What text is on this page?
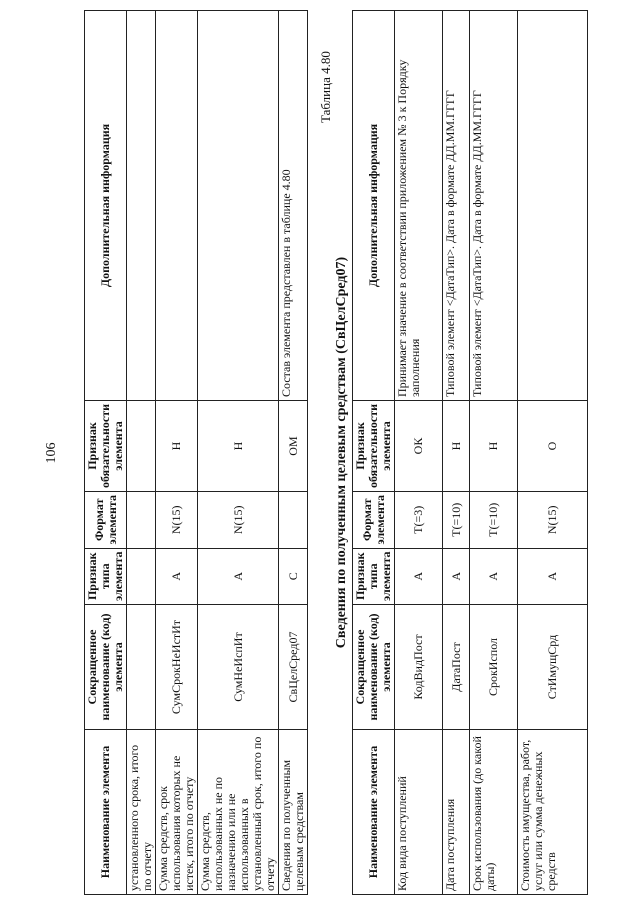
106
Наименование элемента	Сокращенное наименование (код) элемента	Признак типа элемента	Формат элемента	Признак обязательности элемента	Дополнительная информация
установленного срока, итого по отчету					
Сумма средств, срок использования которых не истек, итого по отчету	СумСрокНеИстИт	А	N(15)	Н	
Сумма средств, использованных не по назначению или не использованных в установленный срок, итого по отчету	СумНеИспИт	А	N(15)	Н	
Сведения по полученным целевым средствам	СвЦелСред07	С		ОМ	Состав элемента представлен в таблице 4.80
Таблица 4.80
Сведения по полученным целевым средствам (СвЦелСред07)
Наименование элемента	Сокращенное наименование (код) элемента	Признак типа элемента	Формат элемента	Признак обязательности элемента	Дополнительная информация
Код вида поступлений	КодВидПост	А	T(=3)	ОК	Принимает значение в соответствии приложением № 3 к Порядку заполнения
Дата поступления	ДатаПост	А	T(=10)	Н	Типовой элемент <ДатаТип>. Дата в формате ДД.ММ.ГГГГ
Срок использования (до какой даты)	СрокИспол	А	T(=10)	Н	Типовой элемент <ДатаТип>. Дата в формате ДД.ММ.ГГГГ
Стоимость имущества, работ, услуг или сумма денежных средств	СтИмущСрд	А	N(15)	О	
